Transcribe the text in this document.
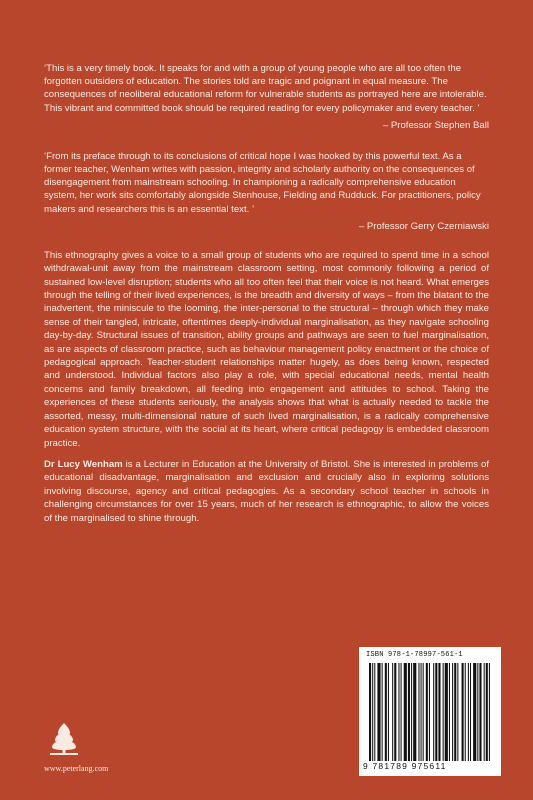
‘This is a very timely book. It speaks for and with a group of young people who are all too often the forgotten outsiders of education. The stories told are tragic and poignant in equal measure. The consequences of neoliberal educational reform for vulnerable students as portrayed here are intolerable. This vibrant and committed book should be required reading for every policymaker and every teacher. ’

– Professor Stephen Ball

‘From its preface through to its conclusions of critical hope I was hooked by this powerful text. As a former teacher, Wenham writes with passion, integrity and scholarly authority on the consequences of disengagement from mainstream schooling. In championing a radically comprehensive education system, her work sits comfortably alongside Stenhouse, Fielding and Rudduck. For practitioners, policy makers and researchers this is an essential text. ’

– Professor Gerry Czerniawski

This ethnography gives a voice to a small group of students who are required to spend time in a school withdrawal-unit away from the mainstream classroom setting, most commonly following a period of sustained low-level disruption; students who all too often feel that their voice is not heard. What emerges through the telling of their lived experiences, is the breadth and diversity of ways – from the blatant to the inadvertent, the miniscule to the looming, the inter-personal to the structural – through which they make sense of their tangled, intricate, oftentimes deeply-individual marginalisation, as they navigate schooling day-by-day. Structural issues of transition, ability groups and pathways are seen to fuel marginalisation, as are aspects of classroom practice, such as behaviour management policy enactment or the choice of pedagogical approach. Teacher-student relationships matter hugely, as does being known, respected and understood. Individual factors also play a role, with special educational needs, mental health concerns and family breakdown, all feeding into engagement and attitudes to school. Taking the experiences of these students seriously, the analysis shows that what is actually needed to tackle the assorted, messy, multi-dimensional nature of such lived marginalisation, is a radically comprehensive education system structure, with the social at its heart, where critical pedagogy is embedded classroom practice.

Dr Lucy Wenham is a Lecturer in Education at the University of Bristol. She is interested in problems of educational disadvantage, marginalisation and exclusion and crucially also in exploring solutions involving discourse, agency and critical pedagogies. As a secondary school teacher in schools in challenging circumstances for over 15 years, much of her research is ethnographic, to allow the voices of the marginalised to shine through.

ISBN 978-1-78997-561-1
9 781789 975611
www.peterlang.com
